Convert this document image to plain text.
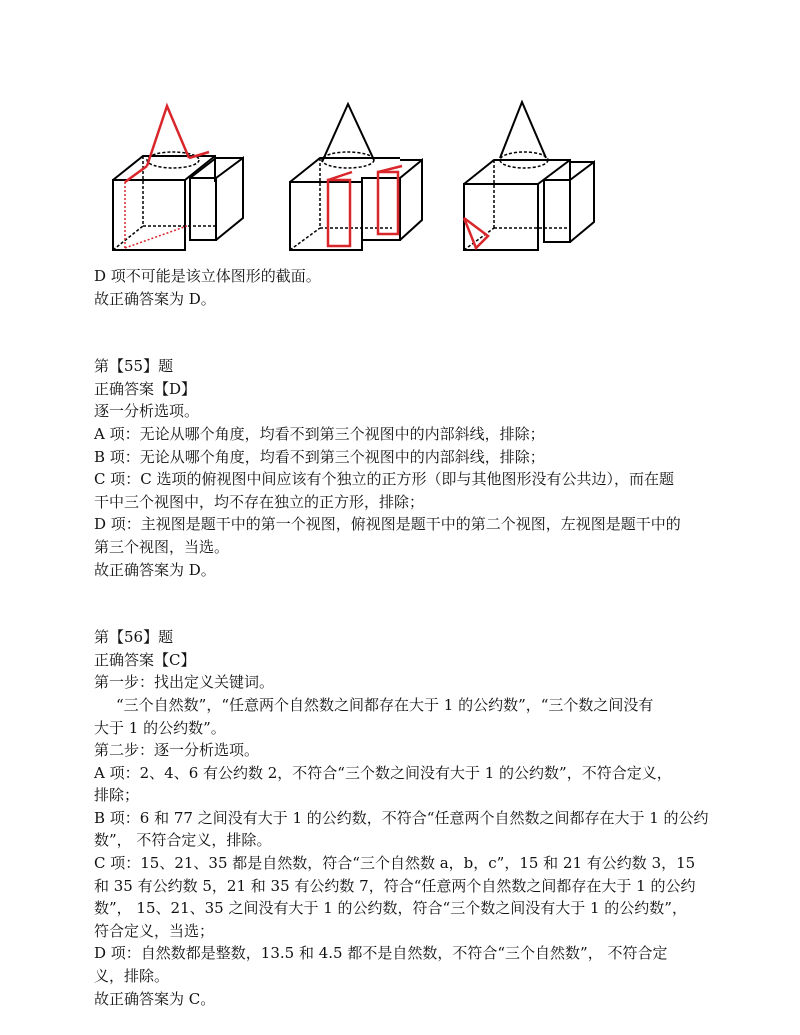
D 项不可能是该立体图形的截面。

故正确答案为 D。

第【55】题

正确答案【D】

逐一分析选项。

A 项：无论从哪个角度，均看不到第三个视图中的内部斜线，排除；

B 项：无论从哪个角度，均看不到第三个视图中的内部斜线，排除；

C 项：C 选项的俯视图中间应该有个独立的正方形（即与其他图形没有公共边），而在题

干中三个视图中，均不存在独立的正方形，排除；

D 项：主视图是题干中的第一个视图，俯视图是题干中的第二个视图，左视图是题干中的

第三个视图，当选。

故正确答案为 D。

第【56】题

正确答案【C】

第一步：找出定义关键词。

“三个自然数”，“任意两个自然数之间都存在大于 1 的公约数”，“三个数之间没有

大于 1 的公约数”。

第二步：逐一分析选项。

A 项：2、4、6 有公约数 2，不符合“三个数之间没有大于 1 的公约数”，不符合定义，

排除；

B 项：6 和 77 之间没有大于 1 的公约数，不符合“任意两个自然数之间都存在大于 1 的公约

数”， 不符合定义，排除。

C 项：15、21、35 都是自然数，符合“三个自然数 a，b，c”，15 和 21 有公约数 3，15

和 35 有公约数 5，21 和 35 有公约数 7，符合“任意两个自然数之间都存在大于 1 的公约

数”， 15、21、35 之间没有大于 1 的公约数，符合“三个数之间没有大于 1 的公约数”，

符合定义，当选；

D 项：自然数都是整数，13.5 和 4.5 都不是自然数，不符合“三个自然数”， 不符合定

义，排除。

故正确答案为 C。
